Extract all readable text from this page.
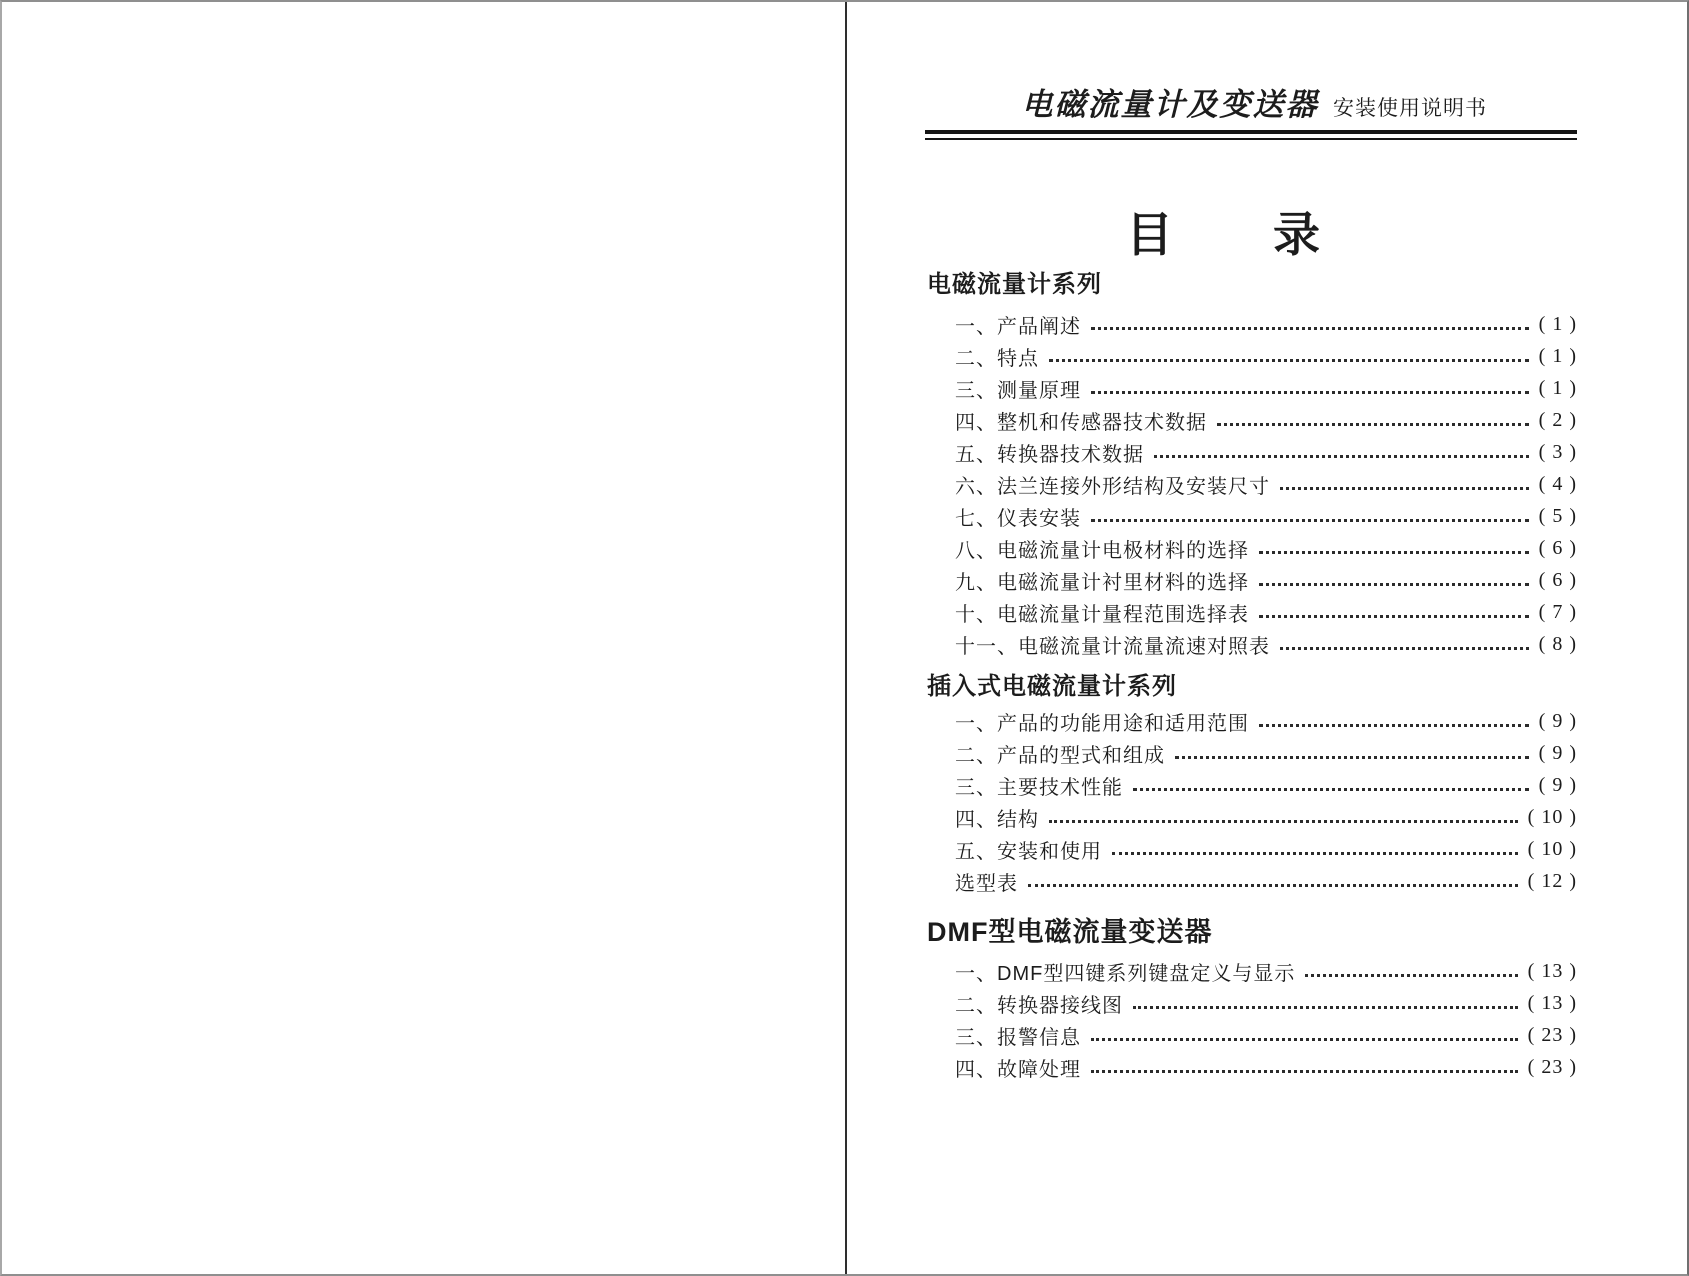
电磁流量计及变送器 安装使用说明书
目　　录
电磁流量计系列
一、产品阐述	( 1 )
二、特点	( 1 )
三、测量原理	( 1 )
四、整机和传感器技术数据	( 2 )
五、转换器技术数据	( 3 )
六、法兰连接外形结构及安装尺寸	( 4 )
七、仪表安装	( 5 )
八、电磁流量计电极材料的选择	( 6 )
九、电磁流量计衬里材料的选择	( 6 )
十、电磁流量计量程范围选择表	( 7 )
十一、电磁流量计流量流速对照表	( 8 )
插入式电磁流量计系列
一、产品的功能用途和适用范围	( 9 )
二、产品的型式和组成	( 9 )
三、主要技术性能	( 9 )
四、结构	( 10 )
五、安装和使用	( 10 )
选型表	( 12 )
DMF型电磁流量变送器
一、DMF型四键系列键盘定义与显示	( 13 )
二、转换器接线图	( 13 )
三、报警信息	( 23 )
四、故障处理	( 23 )
